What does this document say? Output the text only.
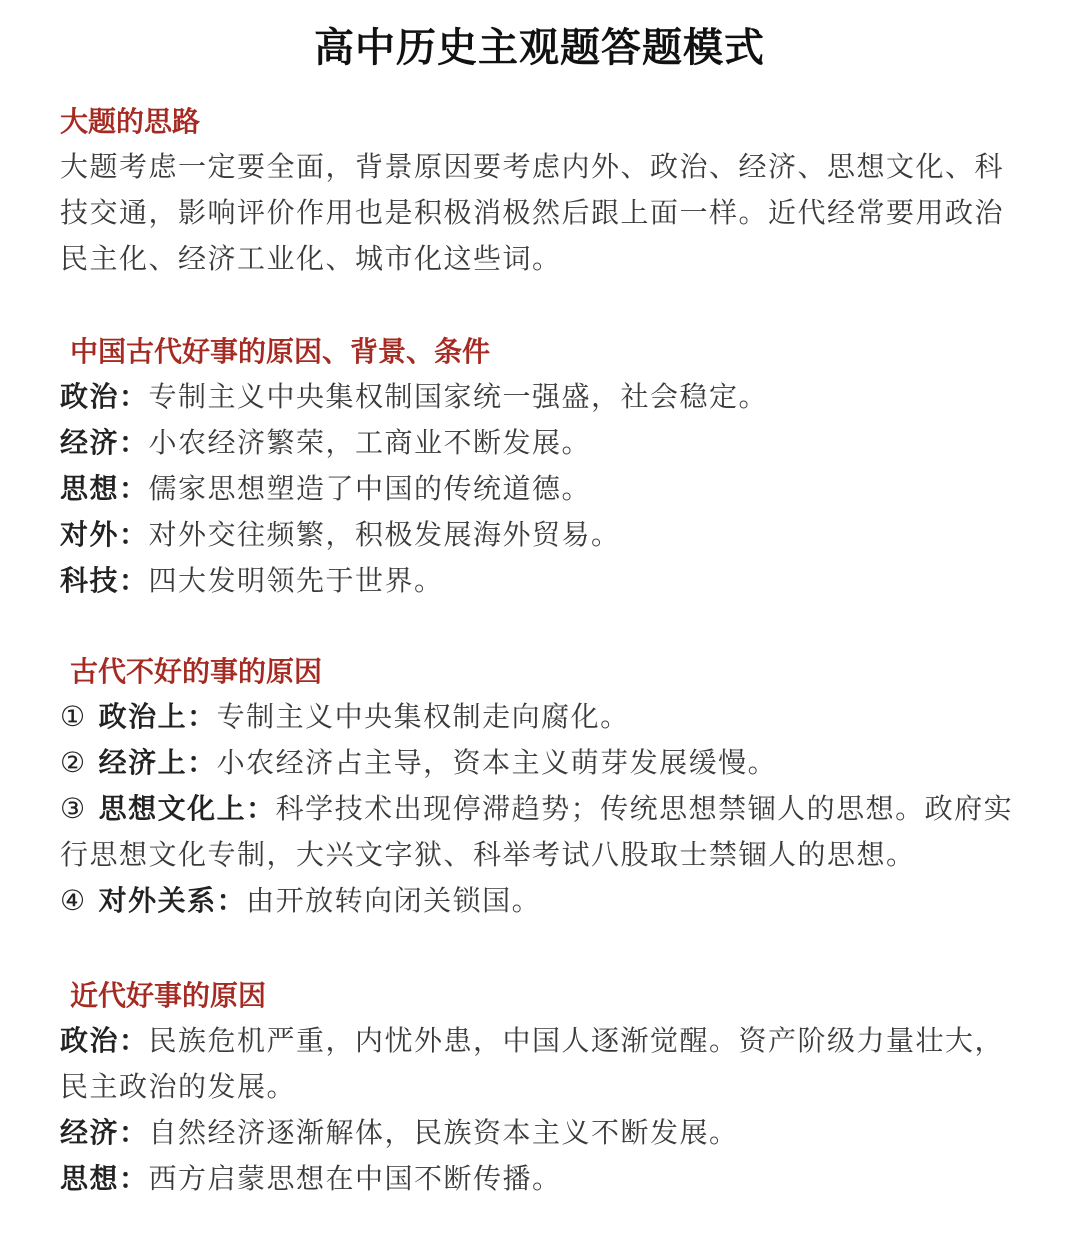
高中历史主观题答题模式
大题的思路
大题考虑一定要全面，背景原因要考虑内外、政治、经济、思想文化、科技交通，影响评价作用也是积极消极然后跟上面一样。近代经常要用政治民主化、经济工业化、城市化这些词。
中国古代好事的原因、背景、条件
政治：专制主义中央集权制国家统一强盛，社会稳定。
经济：小农经济繁荣，工商业不断发展。
思想：儒家思想塑造了中国的传统道德。
对外：对外交往频繁，积极发展海外贸易。
科技：四大发明领先于世界。
古代不好的事的原因
① 政治上：专制主义中央集权制走向腐化。
② 经济上：小农经济占主导，资本主义萌芽发展缓慢。
③ 思想文化上：科学技术出现停滞趋势；传统思想禁锢人的思想。政府实行思想文化专制，大兴文字狱、科举考试八股取士禁锢人的思想。
④ 对外关系：由开放转向闭关锁国。
近代好事的原因
政治：民族危机严重，内忧外患，中国人逐渐觉醒。资产阶级力量壮大，民主政治的发展。
经济：自然经济逐渐解体，民族资本主义不断发展。
思想：西方启蒙思想在中国不断传播。
